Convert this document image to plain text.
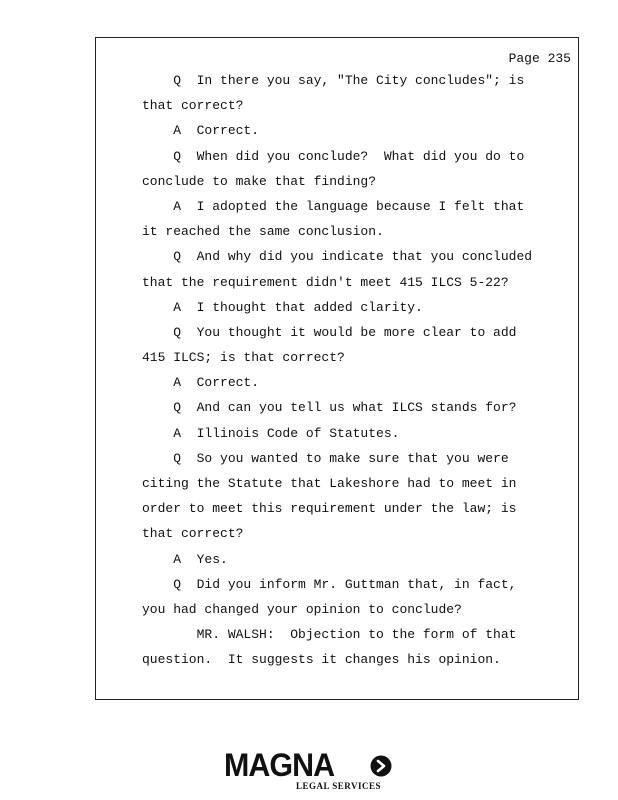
Page 235
Q  In there you say, "The City concludes"; is
that correct?
A  Correct.
Q  When did you conclude?  What did you do to
conclude to make that finding?
A  I adopted the language because I felt that
it reached the same conclusion.
Q  And why did you indicate that you concluded
that the requirement didn't meet 415 ILCS 5-22?
A  I thought that added clarity.
Q  You thought it would be more clear to add
415 ILCS; is that correct?
A  Correct.
Q  And can you tell us what ILCS stands for?
A  Illinois Code of Statutes.
Q  So you wanted to make sure that you were
citing the Statute that Lakeshore had to meet in
order to meet this requirement under the law; is
that correct?
A  Yes.
Q  Did you inform Mr. Guttman that, in fact,
you had changed your opinion to conclude?
MR. WALSH:  Objection to the form of that
question.  It suggests it changes his opinion.
MAGNA
LEGAL SERVICES
